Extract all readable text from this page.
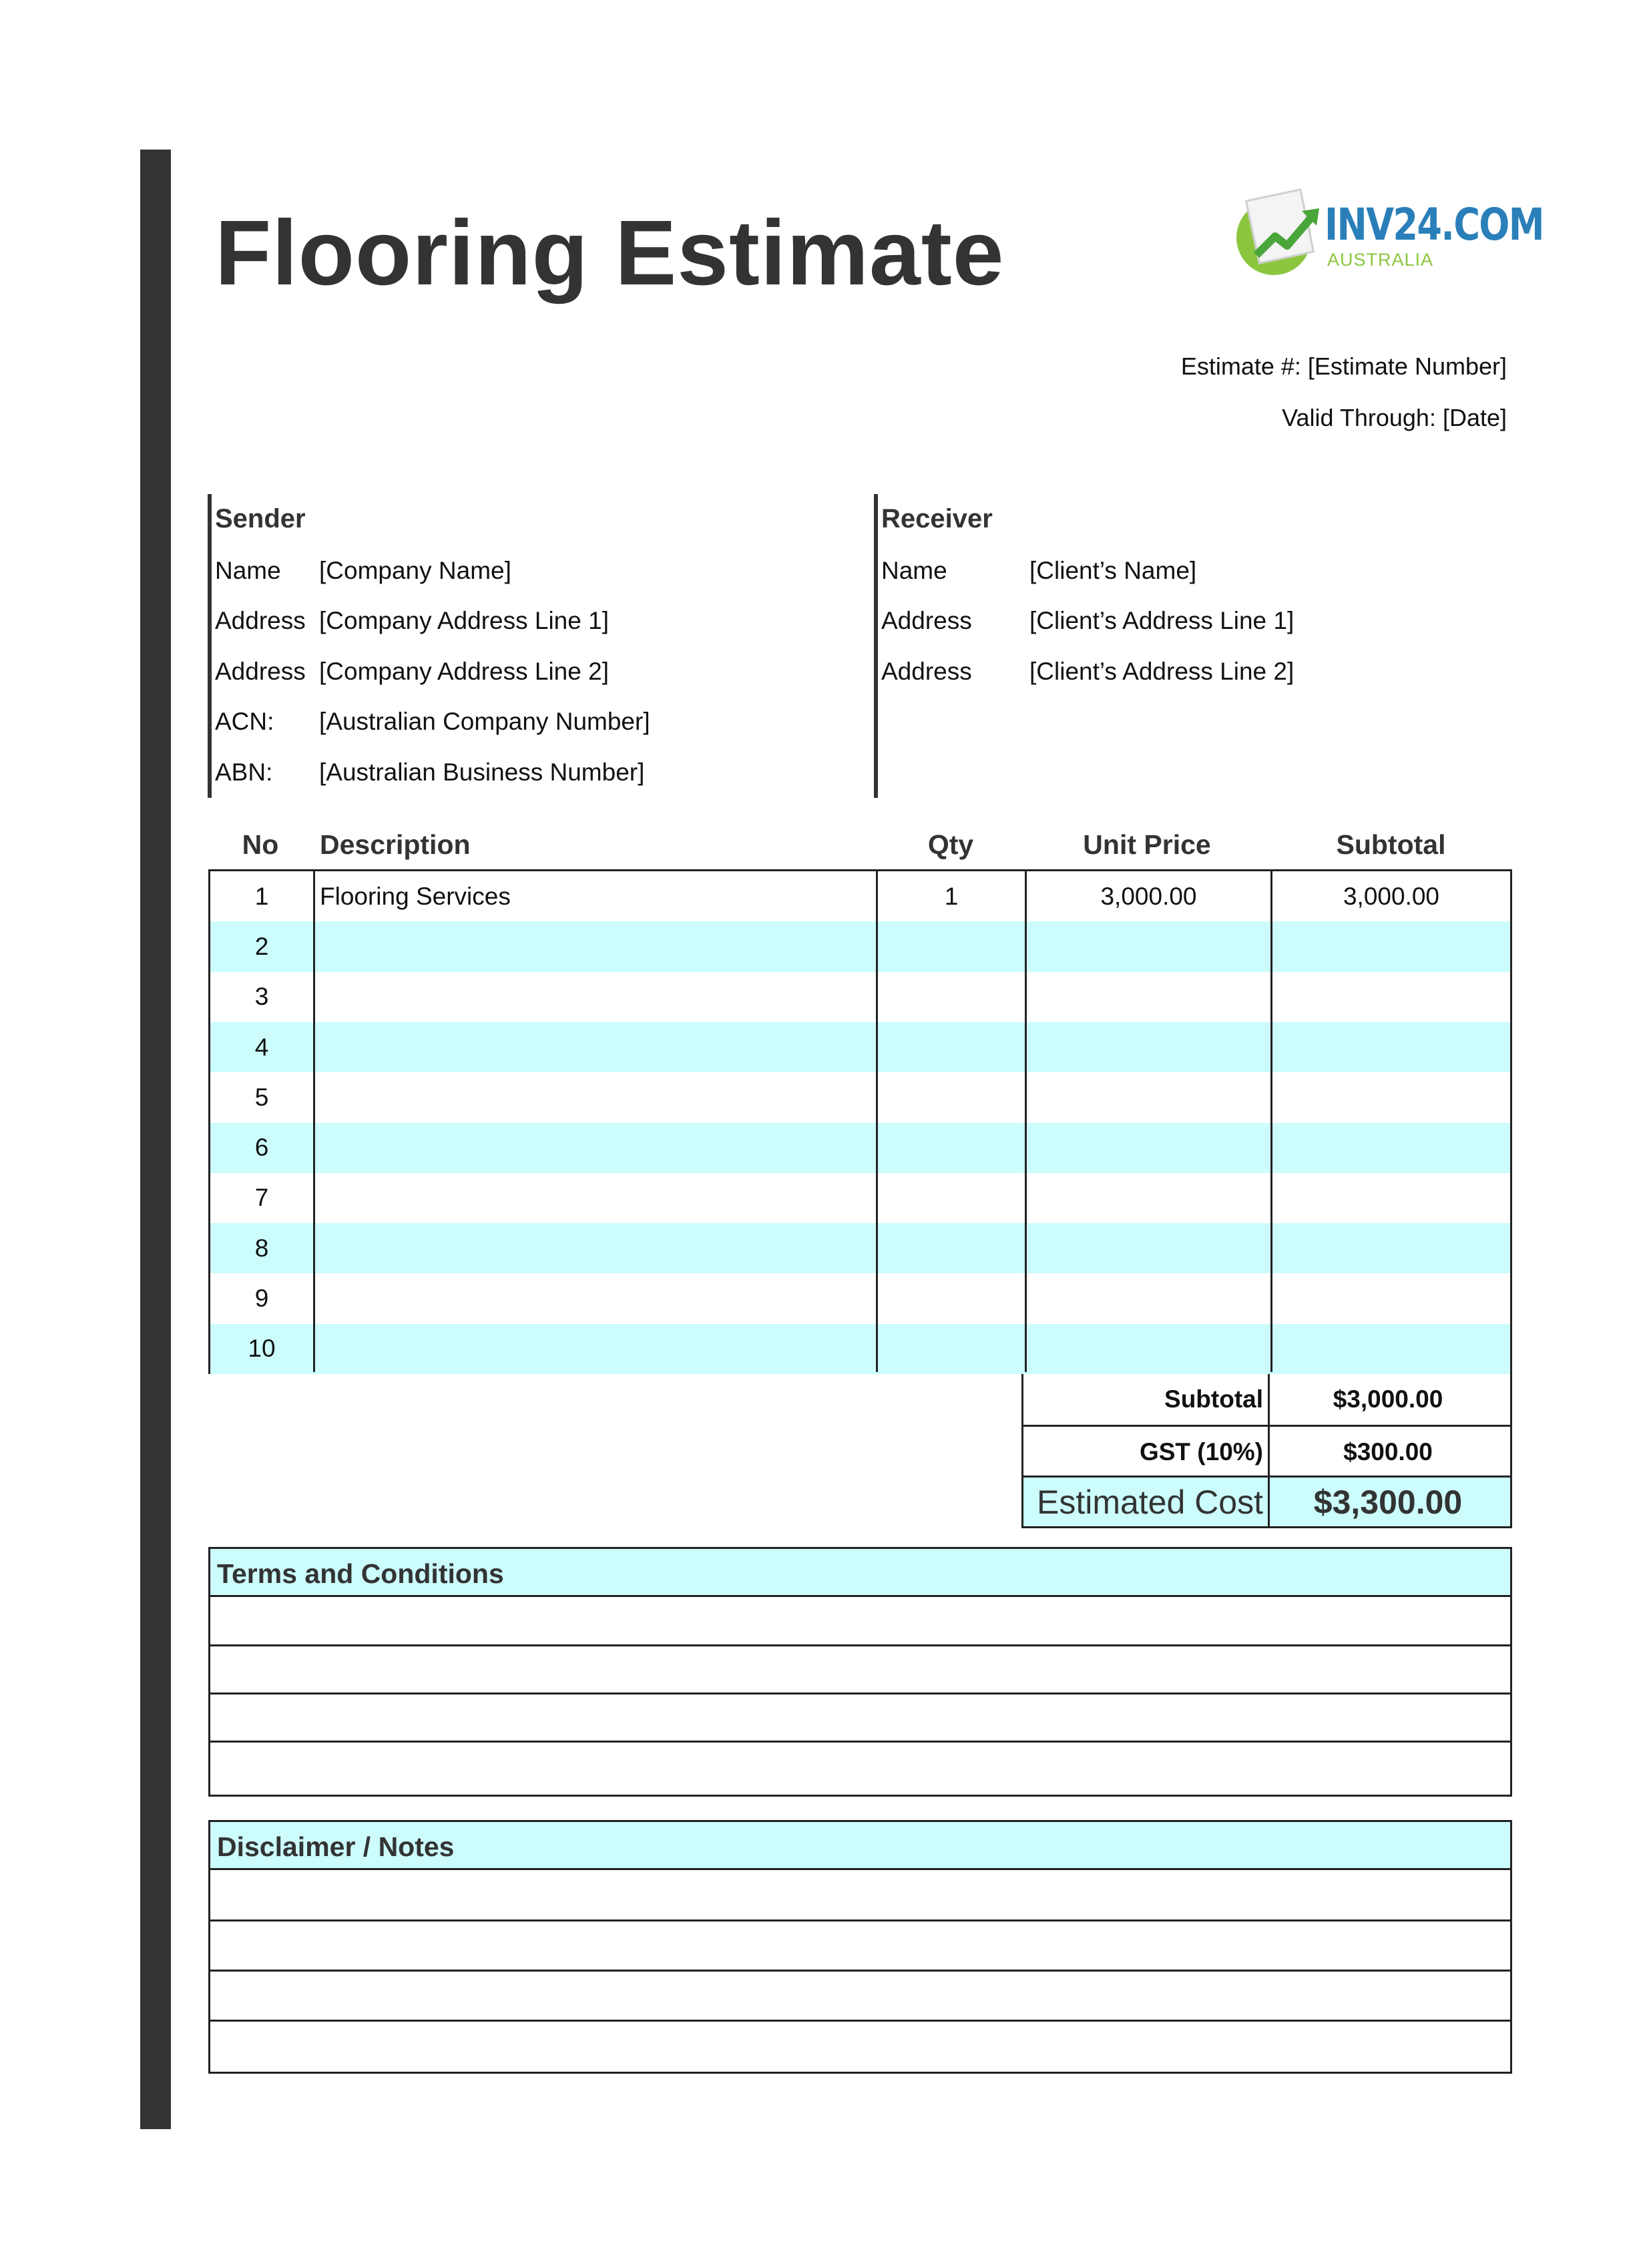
Flooring Estimate	INV24.COM
AUSTRALIA
Estimate #: [Estimate Number]
Valid Through: [Date]
Sender
Name [Company Name]
Address [Company Address Line 1]
Address [Company Address Line 2]
ACN: [Australian Company Number]
ABN: [Australian Business Number]
Receiver
Name	[Client’s Name]
Address [Client’s Address Line 1]
Address [Client’s Address Line 2]
No	Description	Qty	Unit Price	Subtotal
1	Flooring Services	1	3,000.00	3,000.00
2
3
4
5
6
7
8
9
10
Subtotal	$3,000.00
GST (10%)	$300.00
Estimated Cost	$3,300.00
Terms and Conditions
Disclaimer / Notes
